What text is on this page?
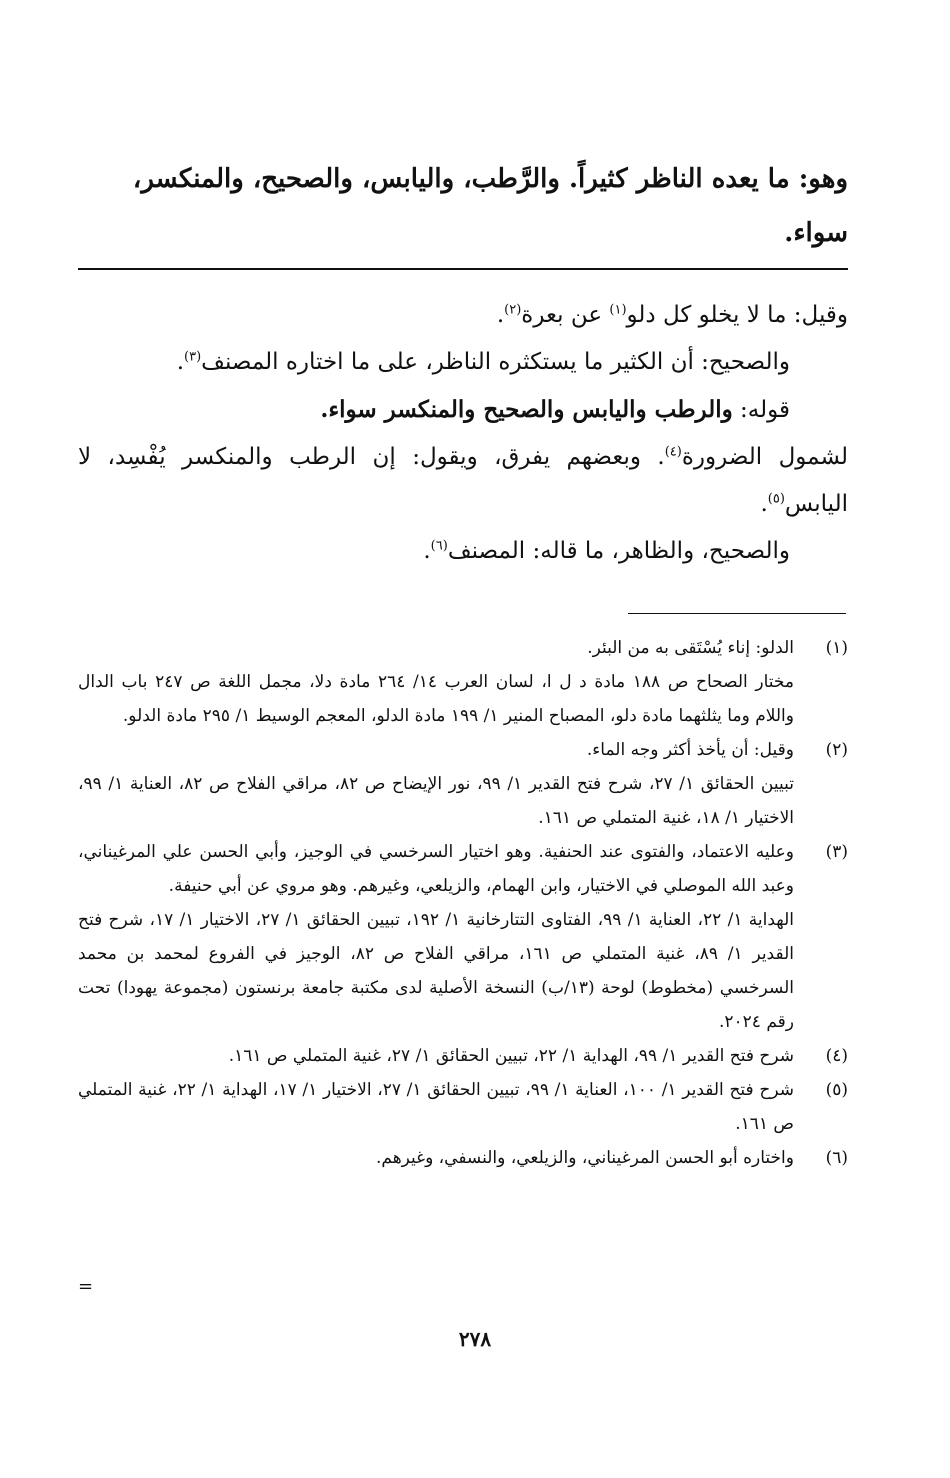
وهو: ما يعده الناظر كثيراً. والرَّطب، واليابس، والصحيح، والمنكسر،

سواء.

وقيل: ما لا يخلو كل دلو$^{(١)}$ عن بعرة$^{(٢)}$.

والصحيح: أن الكثير ما يستكثره الناظر، على ما اختاره المصنف$^{(٣)}$.

قوله: والرطب واليابس والصحيح والمنكسر سواء.

لشمول الضرورة$^{(٤)}$. وبعضهم يفرق، ويقول: إن الرطب والمنكسر يُفْسِد، لا اليابس$^{(٥)}$.

والصحيح، والظاهر، ما قاله: المصنف$^{(٦)}$.

(١)

الدلو: إناء يُسْتَقى به من البئر.

مختار الصحاح ص ١٨٨ مادة د ل ا، لسان العرب ١٤/ ٢٦٤ مادة دلا، مجمل اللغة ص ٢٤٧ باب الدال واللام وما يثلثهما مادة دلو، المصباح المنير ١/ ١٩٩ مادة الدلو، المعجم الوسيط ١/ ٢٩٥ مادة الدلو.

(٢)

وقيل: أن يأخذ أكثر وجه الماء.

تبيين الحقائق ١/ ٢٧، شرح فتح القدير ١/ ٩٩، نور الإيضاح ص ٨٢، مراقي الفلاح ص ٨٢، العناية ١/ ٩٩، الاختيار ١/ ١٨، غنية المتملي ص ١٦١.

(٣)

وعليه الاعتماد، والفتوى عند الحنفية. وهو اختيار السرخسي في الوجيز، وأبي الحسن علي المرغيناني، وعبد الله الموصلي في الاختيار، وابن الهمام، والزيلعي، وغيرهم. وهو مروي عن أبي حنيفة.

الهداية ١/ ٢٢، العناية ١/ ٩٩، الفتاوى التتارخانية ١/ ١٩٢، تبيين الحقائق ١/ ٢٧، الاختيار ١/ ١٧، شرح فتح القدير ١/ ٨٩، غنية المتملي ص ١٦١، مراقي الفلاح ص ٨٢، الوجيز في الفروع لمحمد بن محمد السرخسي (مخطوط) لوحة (١٣/ب) النسخة الأصلية لدى مكتبة جامعة برنستون (مجموعة يهودا) تحت رقم ٢٠٢٤.

(٤)

شرح فتح القدير ١/ ٩٩، الهداية ١/ ٢٢، تبيين الحقائق ١/ ٢٧، غنية المتملي ص ١٦١.

(٥)

شرح فتح القدير ١/ ١٠٠، العناية ١/ ٩٩، تبيين الحقائق ١/ ٢٧، الاختيار ١/ ١٧، الهداية ١/ ٢٢، غنية المتملي ص ١٦١.

(٦)

واختاره أبو الحسن المرغيناني، والزيلعي، والنسفي، وغيرهم.

=
٢٧٨
